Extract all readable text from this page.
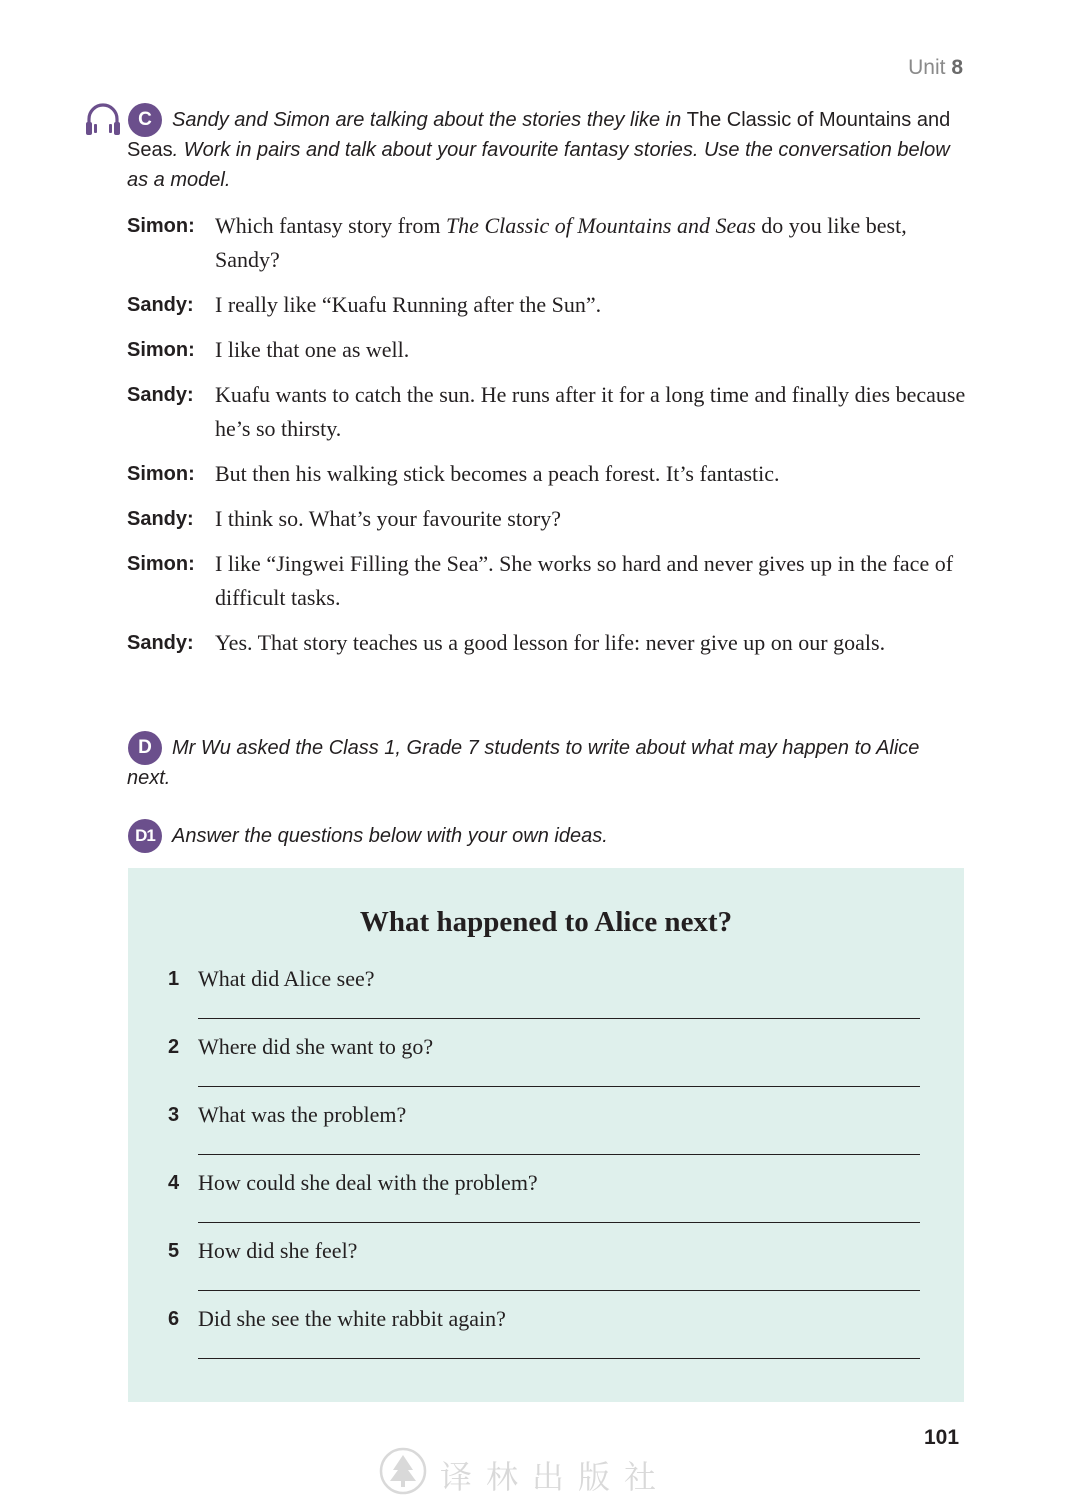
Unit 8
C	Sandy and Simon are talking about the stories they like in The Classic of Mountains and Seas. Work in pairs and talk about your favourite fantasy stories. Use the conversation below as a model.
Simon: Which fantasy story from The Classic of Mountains and Seas do you like best, Sandy?
Sandy: I really like “Kuafu Running after the Sun”.
Simon: I like that one as well.
Sandy: Kuafu wants to catch the sun. He runs after it for a long time and finally dies because he’s so thirsty.
Simon: But then his walking stick becomes a peach forest. It’s fantastic.
Sandy: I think so. What’s your favourite story?
Simon: I like “Jingwei Filling the Sea”. She works so hard and never gives up in the face of difficult tasks.
Sandy: Yes. That story teaches us a good lesson for life: never give up on our goals.
D	Mr Wu asked the Class 1, Grade 7 students to write about what may happen to Alice next.
D1 Answer the questions below with your own ideas.
What happened to Alice next?
1 What did Alice see?
2 Where did she want to go?
3 What was the problem?
4 How could she deal with the problem?
5 How did she feel?
6 Did she see the white rabbit again?
101
译林出版社
